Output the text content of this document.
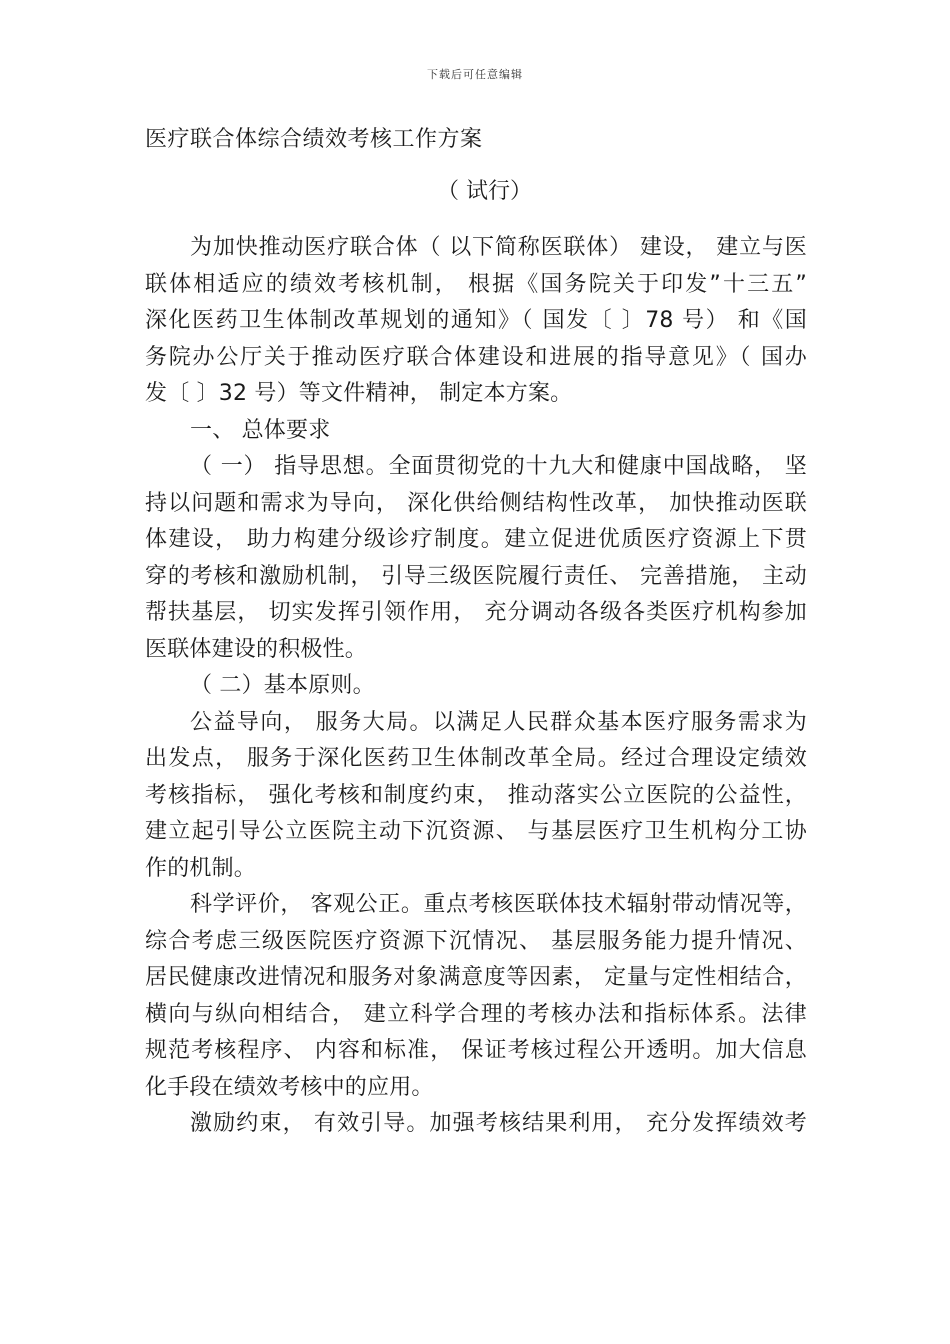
下载后可任意编辑
医疗联合体综合绩效考核工作方案
（ 试行）
为加快推动医疗联合体（ 以下简称医联体） 建设， 建立与医
联体相适应的绩效考核机制， 根据《国务院关于印发”十三五”
深化医药卫生体制改革规划的通知》（ 国发〔 〕78 号） 和《国
务院办公厅关于推动医疗联合体建设和进展的指导意见》（ 国办
发〔 〕32 号）等文件精神， 制定本方案。
一、 总体要求
（ 一） 指导思想。全面贯彻党的十九大和健康中国战略， 坚
持以问题和需求为导向， 深化供给侧结构性改革， 加快推动医联
体建设， 助力构建分级诊疗制度。建立促进优质医疗资源上下贯
穿的考核和激励机制， 引导三级医院履行责任、 完善措施， 主动
帮扶基层， 切实发挥引领作用， 充分调动各级各类医疗机构参加
医联体建设的积极性。
（ 二）基本原则。
公益导向， 服务大局。以满足人民群众基本医疗服务需求为
出发点， 服务于深化医药卫生体制改革全局。经过合理设定绩效
考核指标， 强化考核和制度约束， 推动落实公立医院的公益性，
建立起引导公立医院主动下沉资源、 与基层医疗卫生机构分工协
作的机制。
科学评价， 客观公正。重点考核医联体技术辐射带动情况等，
综合考虑三级医院医疗资源下沉情况、 基层服务能力提升情况、
居民健康改进情况和服务对象满意度等因素， 定量与定性相结合，
横向与纵向相结合， 建立科学合理的考核办法和指标体系。法律
规范考核程序、 内容和标准， 保证考核过程公开透明。加大信息
化手段在绩效考核中的应用。
激励约束， 有效引导。加强考核结果利用， 充分发挥绩效考
